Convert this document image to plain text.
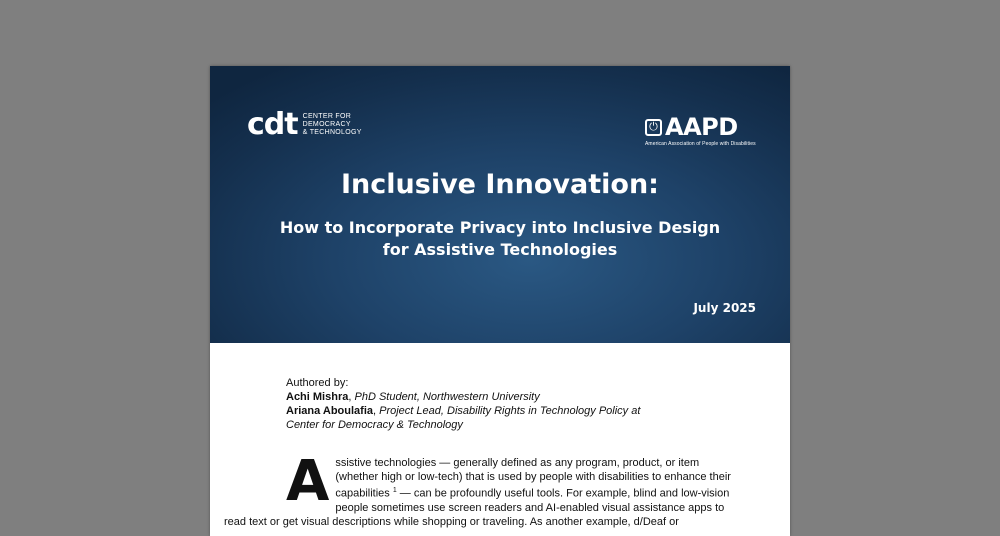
cdt CENTER FOR
DEMOCRACY
& TECHNOLOGY	⏻ AAPD
American Association of People with Disabilities
Inclusive Innovation:
How to Incorporate Privacy into Inclusive Design
for Assistive Technologies
July 2025
Authored by:
Achi Mishra, PhD Student, Northwestern University
Ariana Aboulafia, Project Lead, Disability Rights in Technology Policy at
Center for Democracy & Technology
A ssistive technologies — generally defined as any program, product, or item
(whether high or low-tech) that is used by people with disabilities to enhance their
capabilities $^1$ — can be profoundly useful tools. For example, blind and low-vision
people sometimes use screen readers and AI-enabled visual assistance apps to
read text or get visual descriptions while shopping or traveling. As another example, d/Deaf or
